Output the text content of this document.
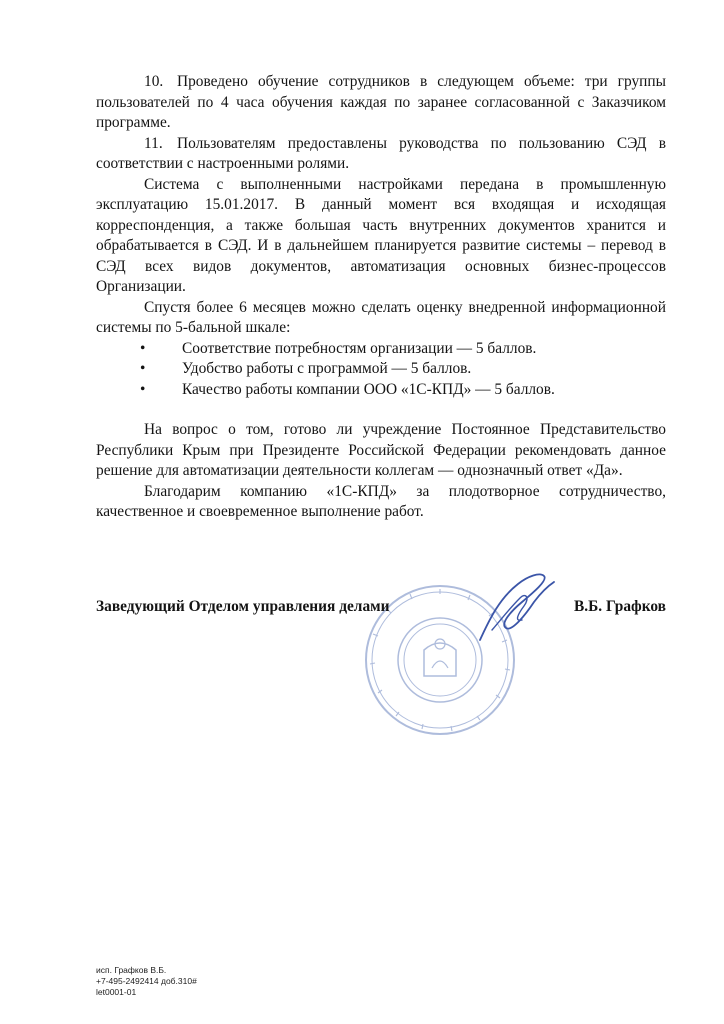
10. Проведено обучение сотрудников в следующем объеме: три группы пользователей по 4 часа обучения каждая по заранее согласованной с Заказчиком программе.

11. Пользователям предоставлены руководства по пользованию СЭД в соответствии с настроенными ролями.

Система с выполненными настройками передана в промышленную эксплуатацию 15.01.2017. В данный момент вся входящая и исходящая корреспонденция, а также большая часть внутренних документов хранится и обрабатывается в СЭД. И в дальнейшем планируется развитие системы – перевод в СЭД всех видов документов, автоматизация основных бизнес-процессов Организации.

Спустя более 6 месяцев можно сделать оценку внедренной информационной системы по 5-бальной шкале:

• Соответствие потребностям организации — 5 баллов.
• Удобство работы с программой — 5 баллов.
• Качество работы компании ООО «1С-КПД» — 5 баллов.

На вопрос о том, готово ли учреждение Постоянное Представительство Республики Крым при Президенте Российской Федерации рекомендовать данное решение для автоматизации деятельности коллегам — однозначный ответ «Да».

Благодарим компанию «1С-КПД» за плодотворное сотрудничество, качественное и своевременное выполнение работ.

Заведующий Отделом управления делами	В.Б. Графков
исп. Графков В.Б.
+7-495-2492414 доб.310#
let0001-01
